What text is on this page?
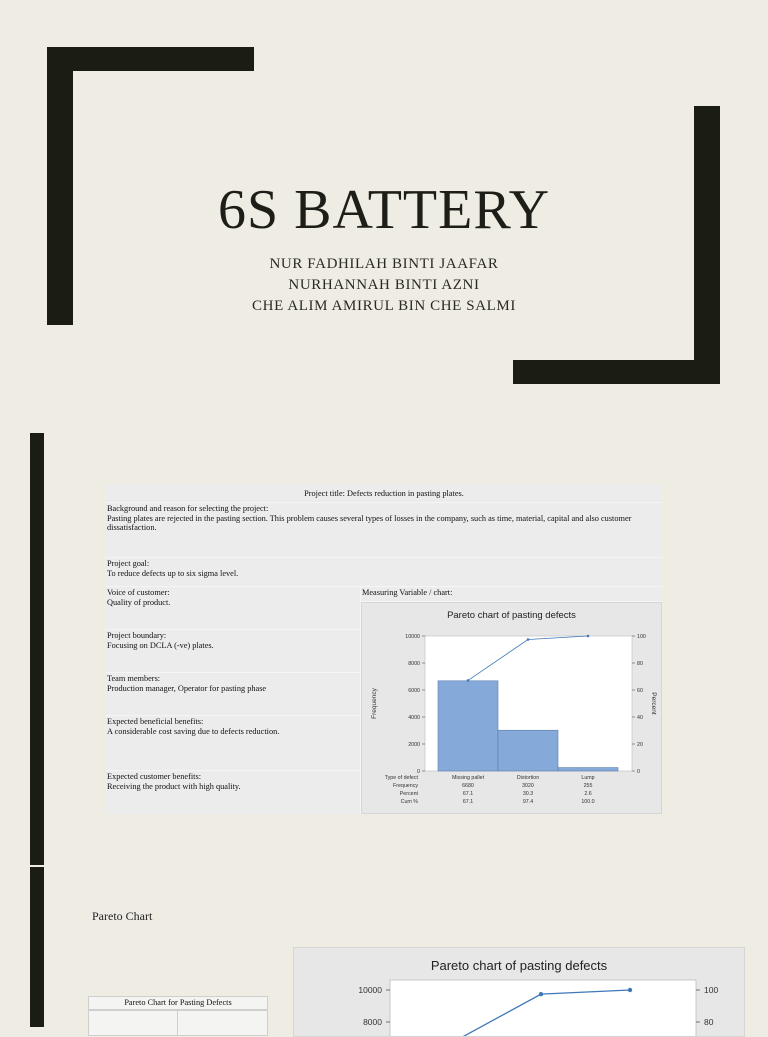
6S BATTERY
NUR FADHILAH BINTI JAAFAR
NURHANNAH BINTI AZNI
CHE ALIM AMIRUL BIN CHE SALMI
Project title: Defects reduction in pasting plates.
Background and reason for selecting the project:
Pasting plates are rejected in the pasting section. This problem causes several types of losses in the company, such as time, material, capital and also customer dissatisfaction.
Project goal:
To reduce defects up to six sigma level.
Voice of customer:
Quality of product.
Measuring Variable / chart:
Project boundary:
Focusing on DCLA (-ve) plates.
Team members:
Production manager, Operator for pasting phase
Expected beneficial benefits:
A considerable cost saving due to defects reduction.
Expected customer benefits:
Receiving the product with high quality.
Pareto chart of pasting defects
0
2000
4000
6000
8000
10000
0
20
40
60
80
100
Frequency	Percent
Type of defect	Missing pallet	Distortion	Lump
Frequency	6680	3020	255
Percent	67.1	30.3	2.6
Cum %	67.1	97.4	100.0
Pareto Chart
Pareto Chart for Pasting Defects
Pareto chart of pasting defects
10000
8000
100
80
